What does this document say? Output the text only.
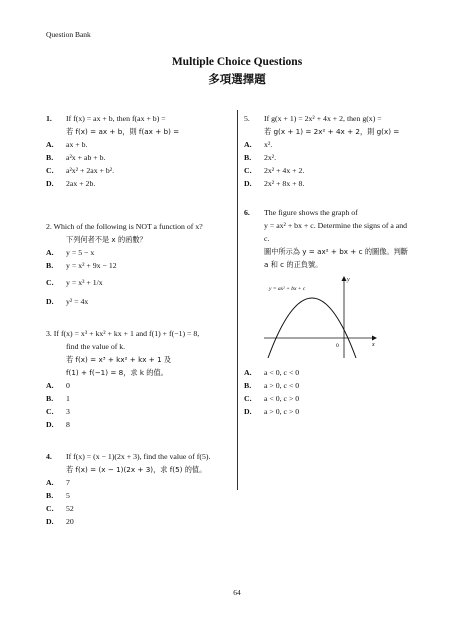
Question Bank
Multiple Choice Questions
多項選擇題
1. If f(x) = ax + b, then f(ax + b) =
若 f(x) = ax + b，則 f(ax + b) =
A. ax + b.
B. a²x + ab + b.
C. a²x² + 2ax + b².
D. 2ax + 2b.
2. Which of the following is NOT a function of x?
下列何者不是 x 的函數？
A. y = 5 − x
B. y = x² + 9x − 12
C. y = x³ + 1/x
D. y² = 4x
3. If f(x) = x³ + kx² + kx + 1 and f(1) + f(−1) = 8,
find the value of k.
若 f(x) = x³ + kx² + kx + 1 及
f(1) + f(−1) = 8，求 k 的值。
A. 0
B. 1
C. 3
D. 8
4. If f(x) = (x − 1)(2x + 3), find the value of f(5).
若 f(x) = (x − 1)(2x + 3)，求 f(5) 的值。
A. 7
B. 5
C. 52
D. 20
5. If g(x + 1) = 2x² + 4x + 2, then g(x) =
若 g(x + 1) = 2x² + 4x + 2，則 g(x) =
A. x².
B. 2x².
C. 2x² + 4x + 2.
D. 2x² + 8x + 8.
6. The figure shows the graph of
y = ax² + bx + c. Determine the signs of a and
c.
圖中所示為 y = ax² + bx + c 的圖像。判斷
a 和 c 的正負號。
y = ax² + bx + c
y
x
0
A. a < 0, c < 0
B. a > 0, c < 0
C. a < 0, c > 0
D. a > 0, c > 0
64
